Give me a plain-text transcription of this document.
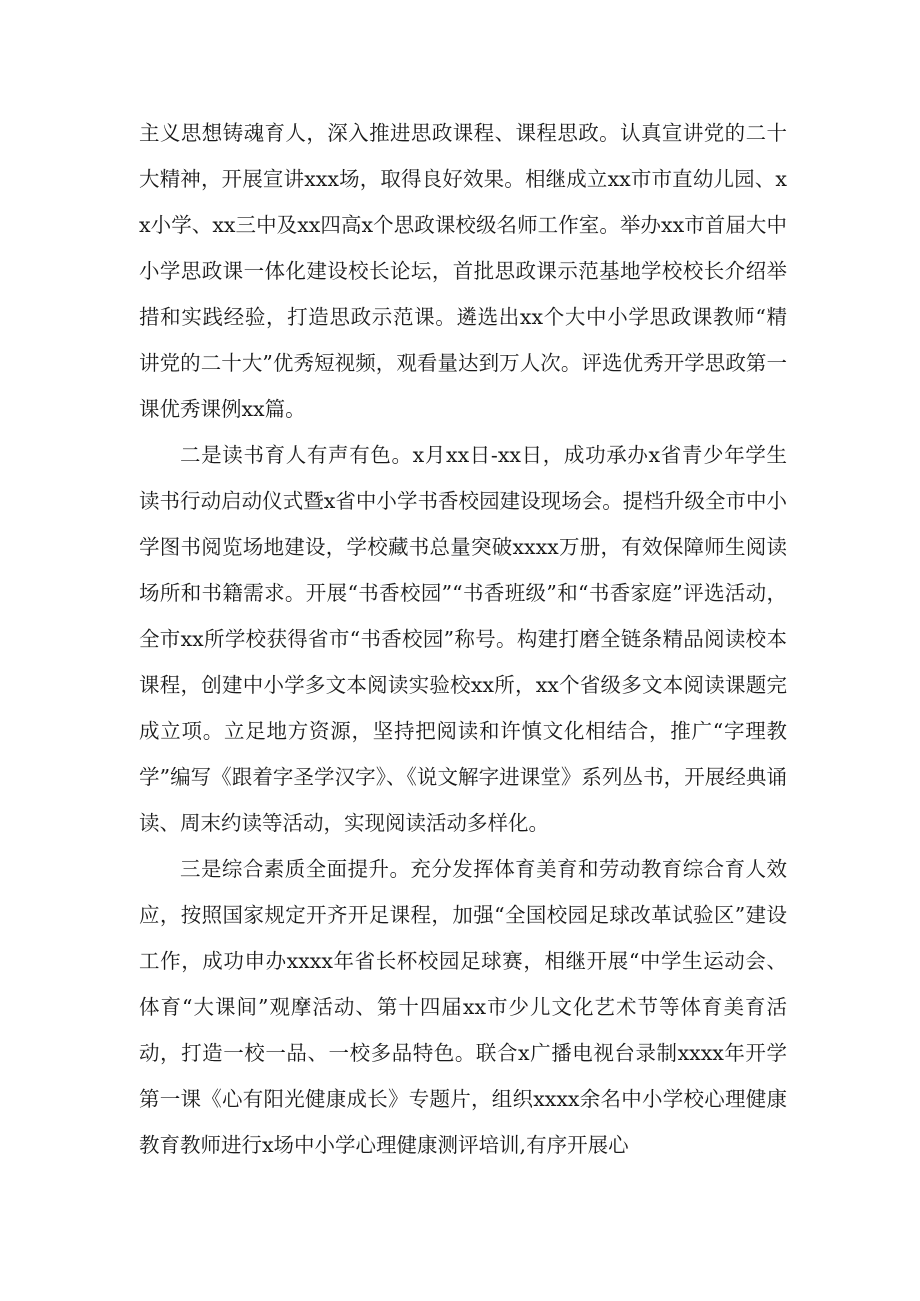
主义思想铸魂育人，深入推进思政课程、课程思政。认真宣讲党的二十大精神，开展宣讲xxx场，取得良好效果。相继成立xx市市直幼儿园、xx小学、xx三中及xx四高x个思政课校级名师工作室。举办xx市首届大中小学思政课一体化建设校长论坛，首批思政课示范基地学校校长介绍举措和实践经验，打造思政示范课。遴选出xx个大中小学思政课教师“精讲党的二十大”优秀短视频，观看量达到万人次。评选优秀开学思政第一课优秀课例xx篇。

二是读书育人有声有色。x月xx日-xx日，成功承办x省青少年学生读书行动启动仪式暨x省中小学书香校园建设现场会。提档升级全市中小学图书阅览场地建设，学校藏书总量突破xxxx万册，有效保障师生阅读场所和书籍需求。开展“书香校园”“书香班级”和“书香家庭”评选活动，全市xx所学校获得省市“书香校园”称号。构建打磨全链条精品阅读校本课程，创建中小学多文本阅读实验校xx所，xx个省级多文本阅读课题完成立项。立足地方资源，坚持把阅读和许慎文化相结合，推广“字理教学”编写《跟着字圣学汉字》、《说文解字进课堂》系列丛书，开展经典诵读、周末约读等活动，实现阅读活动多样化。

三是综合素质全面提升。充分发挥体育美育和劳动教育综合育人效应，按照国家规定开齐开足课程，加强“全国校园足球改革试验区”建设工作，成功申办xxxx年省长杯校园足球赛，相继开展“中学生运动会、体育“大课间”观摩活动、第十四届xx市少儿文化艺术节等体育美育活动，打造一校一品、一校多品特色。联合x广播电视台录制xxxx年开学第一课《心有阳光健康成长》专题片，组织xxxx余名中小学校心理健康教育教师进行x场中小学心理健康测评培训,有序开展心
